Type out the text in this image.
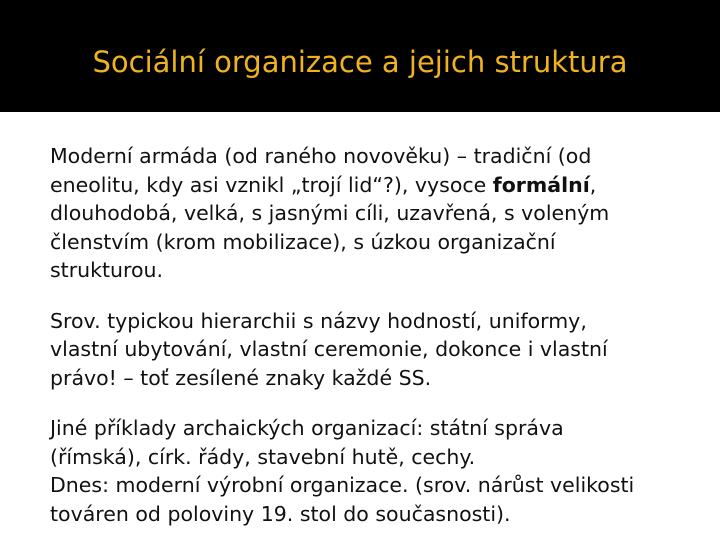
Sociální organizace a jejich struktura

Moderní armáda (od raného novověku) – tradiční (od
eneolitu, kdy asi vznikl „trojí lid“?), vysoce formální,
dlouhodobá, velká, s jasnými cíli, uzavřená, s voleným
členstvím (krom mobilizace), s úzkou organizační
strukturou.

Srov. typickou hierarchii s názvy hodností, uniformy,
vlastní ubytování, vlastní ceremonie, dokonce i vlastní
právo! – toť zesílené znaky každé SS.

Jiné příklady archaických organizací: státní správa
(římská), círk. řády, stavební hutě, cechy.
Dnes: moderní výrobní organizace. (srov. nárůst velikosti
továren od poloviny 19. stol do současnosti).
